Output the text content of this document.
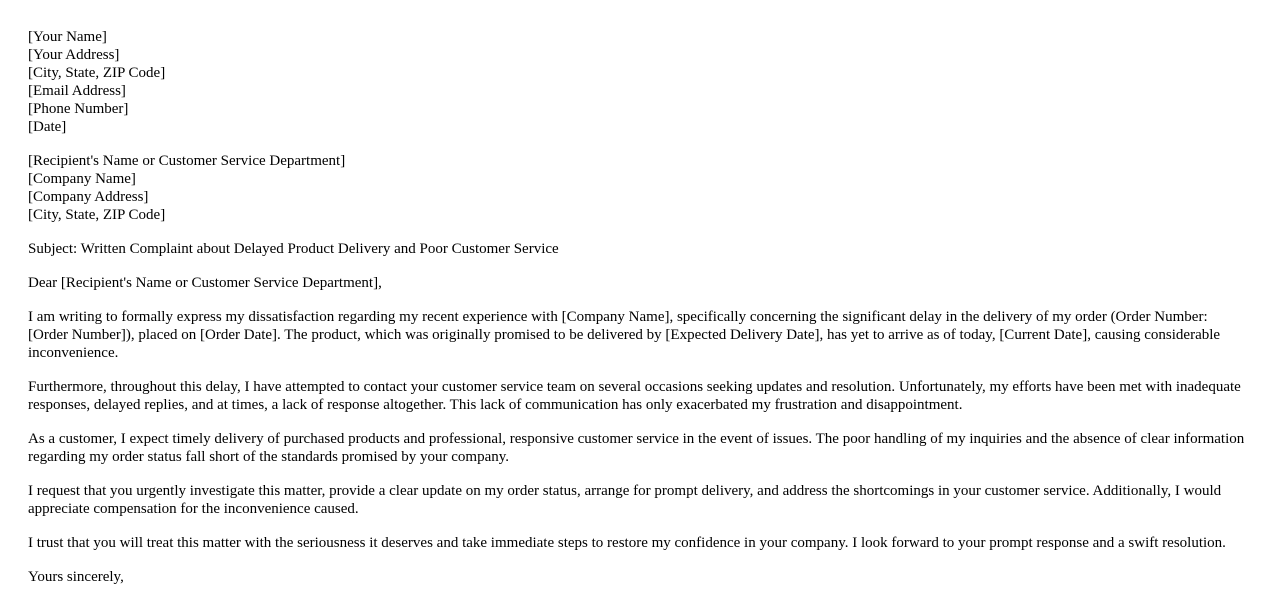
[Your Name]
[Your Address]
[City, State, ZIP Code]
[Email Address]
[Phone Number]
[Date]
[Recipient's Name or Customer Service Department]
[Company Name]
[Company Address]
[City, State, ZIP Code]

Subject: Written Complaint about Delayed Product Delivery and Poor Customer Service

Dear [Recipient's Name or Customer Service Department],

I am writing to formally express my dissatisfaction regarding my recent experience with [Company Name], specifically concerning the significant delay in the delivery of my order (Order Number: [Order Number]), placed on [Order Date]. The product, which was originally promised to be delivered by [Expected Delivery Date], has yet to arrive as of today, [Current Date], causing considerable inconvenience.

Furthermore, throughout this delay, I have attempted to contact your customer service team on several occasions seeking updates and resolution. Unfortunately, my efforts have been met with inadequate responses, delayed replies, and at times, a lack of response altogether. This lack of communication has only exacerbated my frustration and disappointment.

As a customer, I expect timely delivery of purchased products and professional, responsive customer service in the event of issues. The poor handling of my inquiries and the absence of clear information regarding my order status fall short of the standards promised by your company.

I request that you urgently investigate this matter, provide a clear update on my order status, arrange for prompt delivery, and address the shortcomings in your customer service. Additionally, I would appreciate compensation for the inconvenience caused.

I trust that you will treat this matter with the seriousness it deserves and take immediate steps to restore my confidence in your company. I look forward to your prompt response and a swift resolution.

Yours sincerely,
